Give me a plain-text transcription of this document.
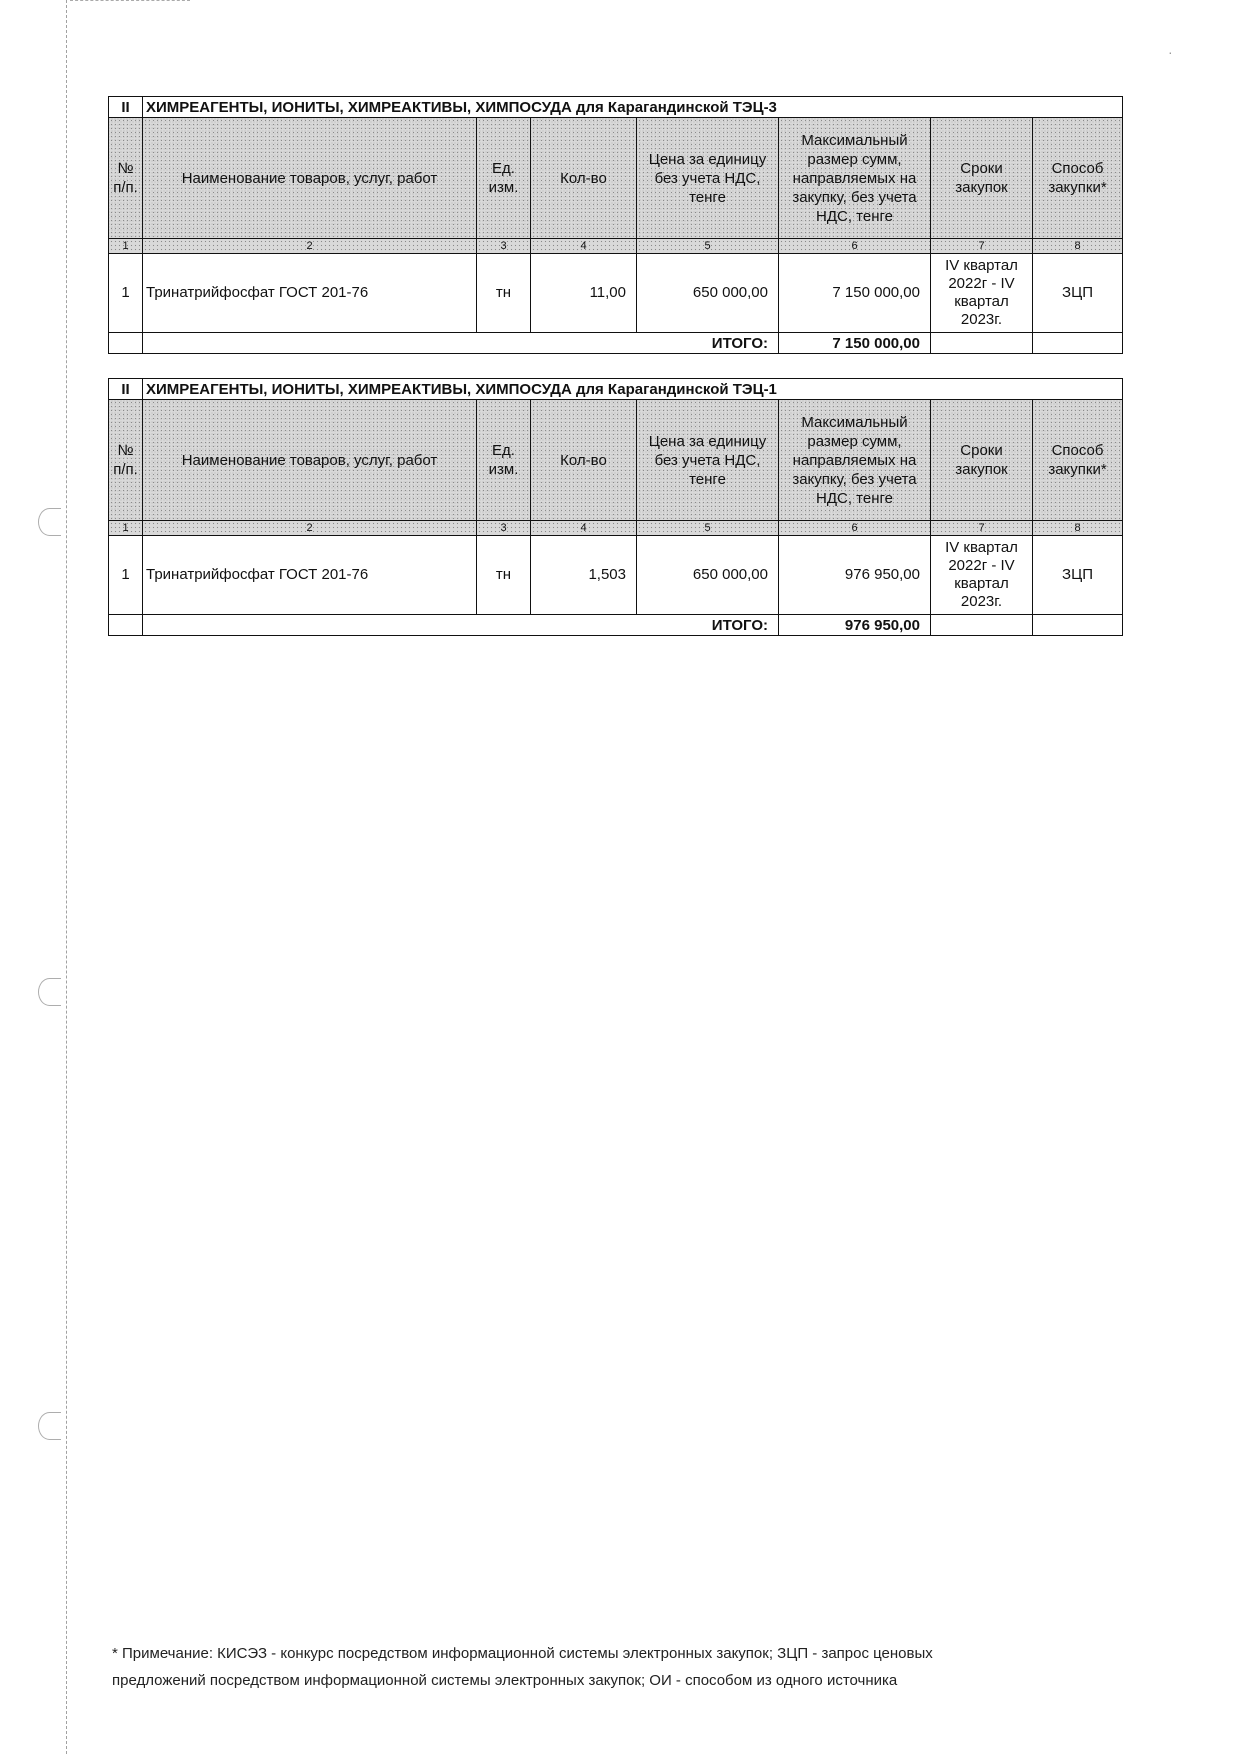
·
II	ХИМРЕАГЕНТЫ, ИОНИТЫ, ХИМРЕАКТИВЫ, ХИМПОСУДА для Карагандинской ТЭЦ-3						
№ п/п.	Наименование товаров, услуг, работ	Ед. изм.	Кол-во	Цена за единицу без учета НДС, тенге	Максимальный размер сумм, направляемых на закупку, без учета НДС, тенге	Сроки закупок	Способ закупки*
1	2	3	4	5	6	7	8
1	Тринатрийфосфат ГОСТ 201-76	тн	11,00	650 000,00	7 150 000,00	IV квартал 2022г - IV квартал 2023г.	ЗЦП
	ИТОГО:				7 150 000,00		
II	ХИМРЕАГЕНТЫ, ИОНИТЫ, ХИМРЕАКТИВЫ, ХИМПОСУДА для Карагандинской ТЭЦ-1						
№ п/п.	Наименование товаров, услуг, работ	Ед. изм.	Кол-во	Цена за единицу без учета НДС, тенге	Максимальный размер сумм, направляемых на закупку, без учета НДС, тенге	Сроки закупок	Способ закупки*
1	2	3	4	5	6	7	8
1	Тринатрийфосфат ГОСТ 201-76	тн	1,503	650 000,00	976 950,00	IV квартал 2022г - IV квартал 2023г.	ЗЦП
	ИТОГО:				976 950,00		
* Примечание: КИСЭЗ - конкурс посредством информационной системы электронных закупок; ЗЦП - запрос ценовых
предложений посредством информационной системы электронных закупок; ОИ - способом из одного источника
